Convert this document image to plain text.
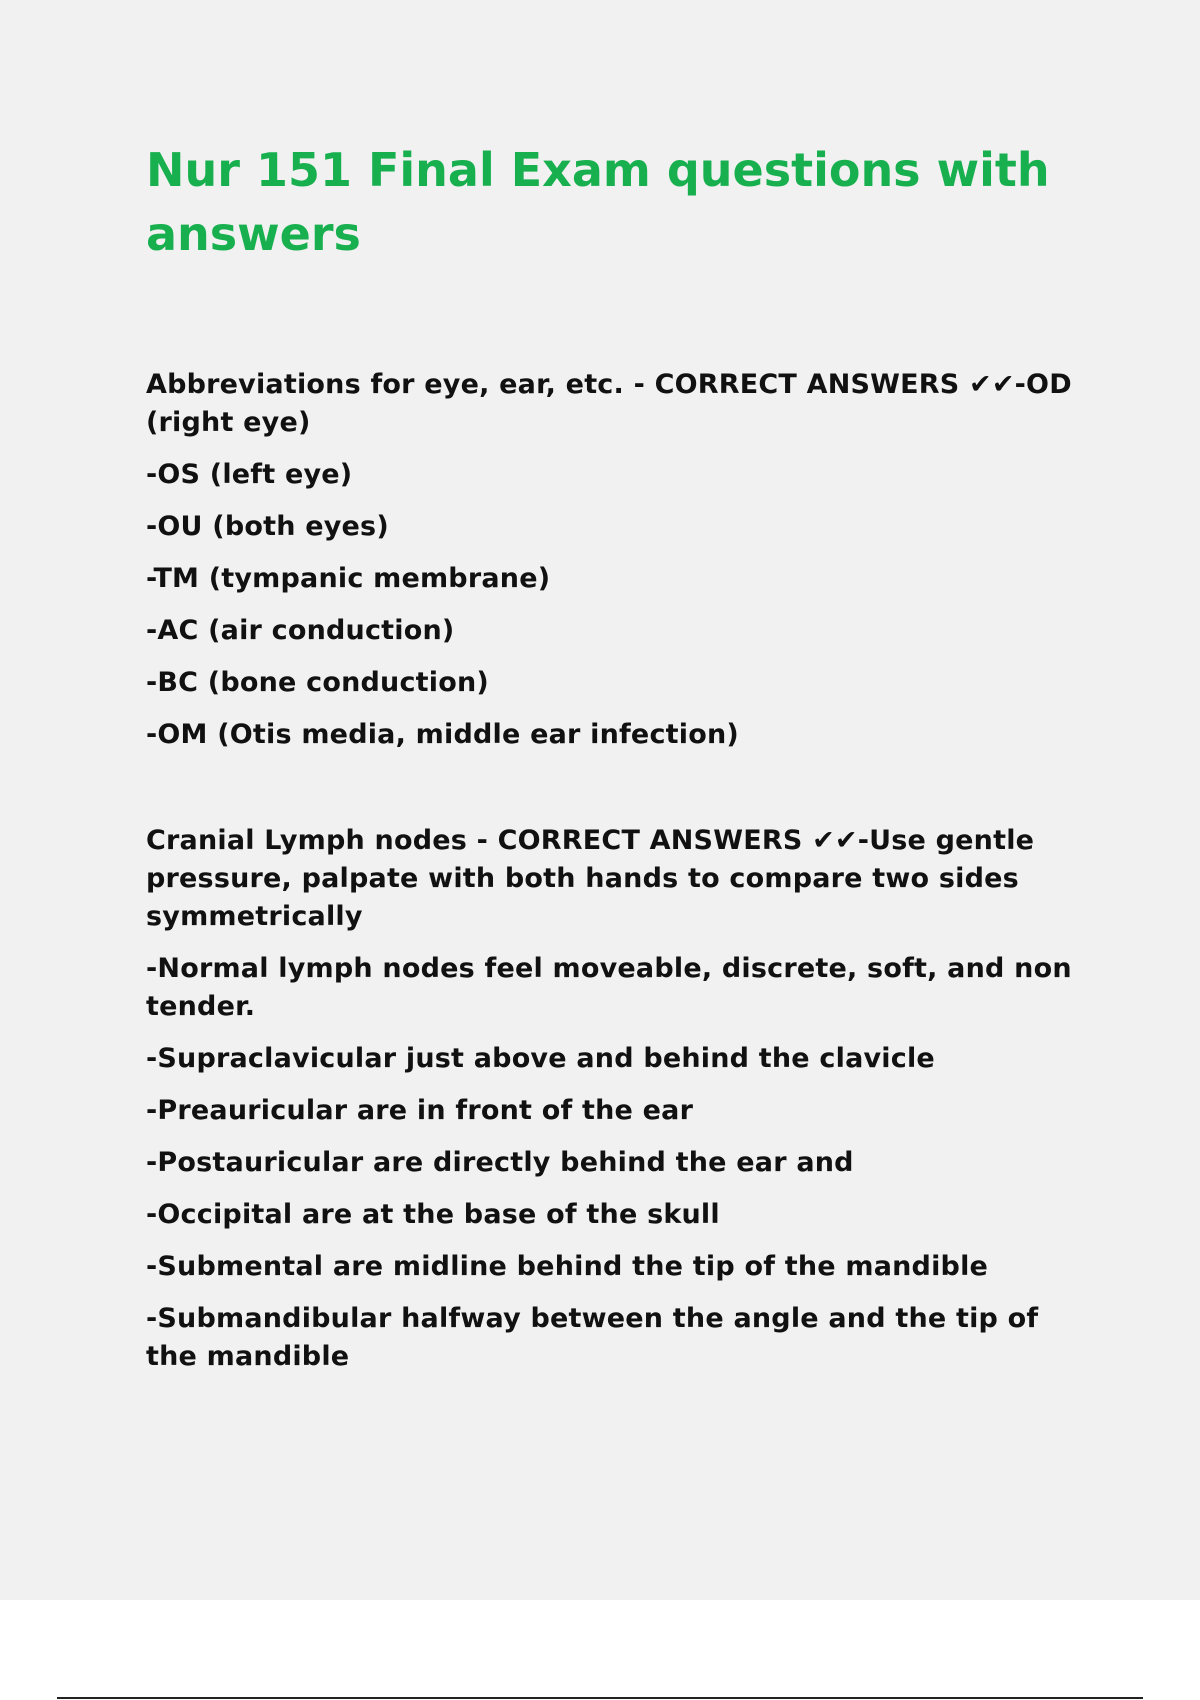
Nur 151 Final Exam questions with answers

Abbreviations for eye, ear, etc. - CORRECT ANSWERS ✔✔-OD (right eye)

-OS (left eye)

-OU (both eyes)

-TM (tympanic membrane)

-AC (air conduction)

-BC (bone conduction)

-OM (Otis media, middle ear infection)

Cranial Lymph nodes - CORRECT ANSWERS ✔✔-Use gentle pressure, palpate with both hands to compare two sides symmetrically

-Normal lymph nodes feel moveable, discrete, soft, and non tender.

-Supraclavicular just above and behind the clavicle

-Preauricular are in front of the ear

-Postauricular are directly behind the ear and

-Occipital are at the base of the skull

-Submental are midline behind the tip of the mandible

-Submandibular halfway between the angle and the tip of the mandible
